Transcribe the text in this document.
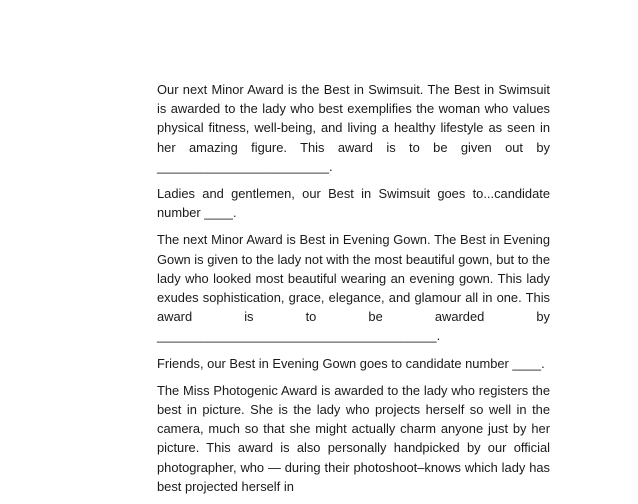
Our next Minor Award is the Best in Swimsuit. The Best in Swimsuit is awarded to the lady who best exemplifies the woman who values physical fitness, well-being, and living a healthy lifestyle as seen in her amazing figure. This award is to be given out by ________________________.

Ladies and gentlemen, our Best in Swimsuit goes to...candidate number ____.

The next Minor Award is Best in Evening Gown. The Best in Evening Gown is given to the lady not with the most beautiful gown, but to the lady who looked most beautiful wearing an evening gown. This lady exudes sophistication, grace, elegance, and glamour all in one. This award is to be awarded by _______________________________________.

Friends, our Best in Evening Gown goes to candidate number ____.

The Miss Photogenic Award is awarded to the lady who registers the best in picture. She is the lady who projects herself so well in the camera, much so that she might actually charm anyone just by her picture. This award is also personally handpicked by our official photographer, who — during their photoshoot–knows which lady has best projected herself in
